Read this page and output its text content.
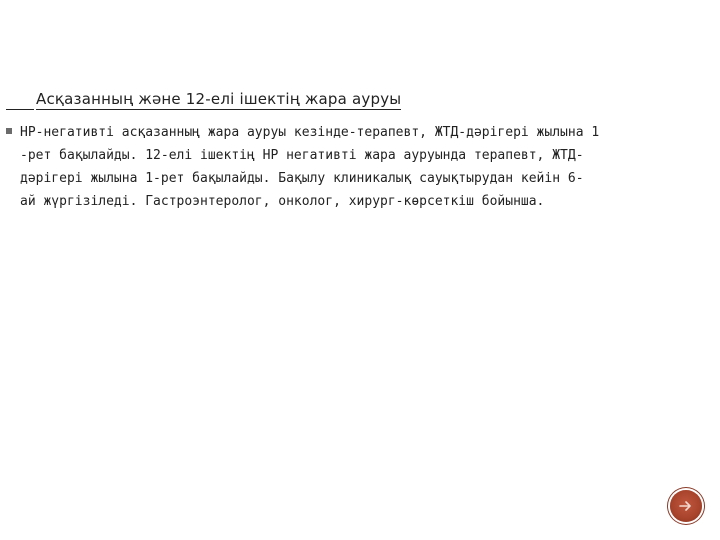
Асқазанның және 12-елі ішектің жара ауруы
НР-негативті асқазанның жара ауруы кезінде-терапевт, ЖТД-дәрігері жылына 1
-рет бақылайды. 12-елі ішектің НР негативті жара ауруында терапевт, ЖТД-
дәрігері жылына 1-рет бақылайды. Бақылу клиникалық сауықтырудан кейін 6-
ай жүргізіледі. Гастроэнтеролог, онколог, хирург-көрсеткіш бойынша.
